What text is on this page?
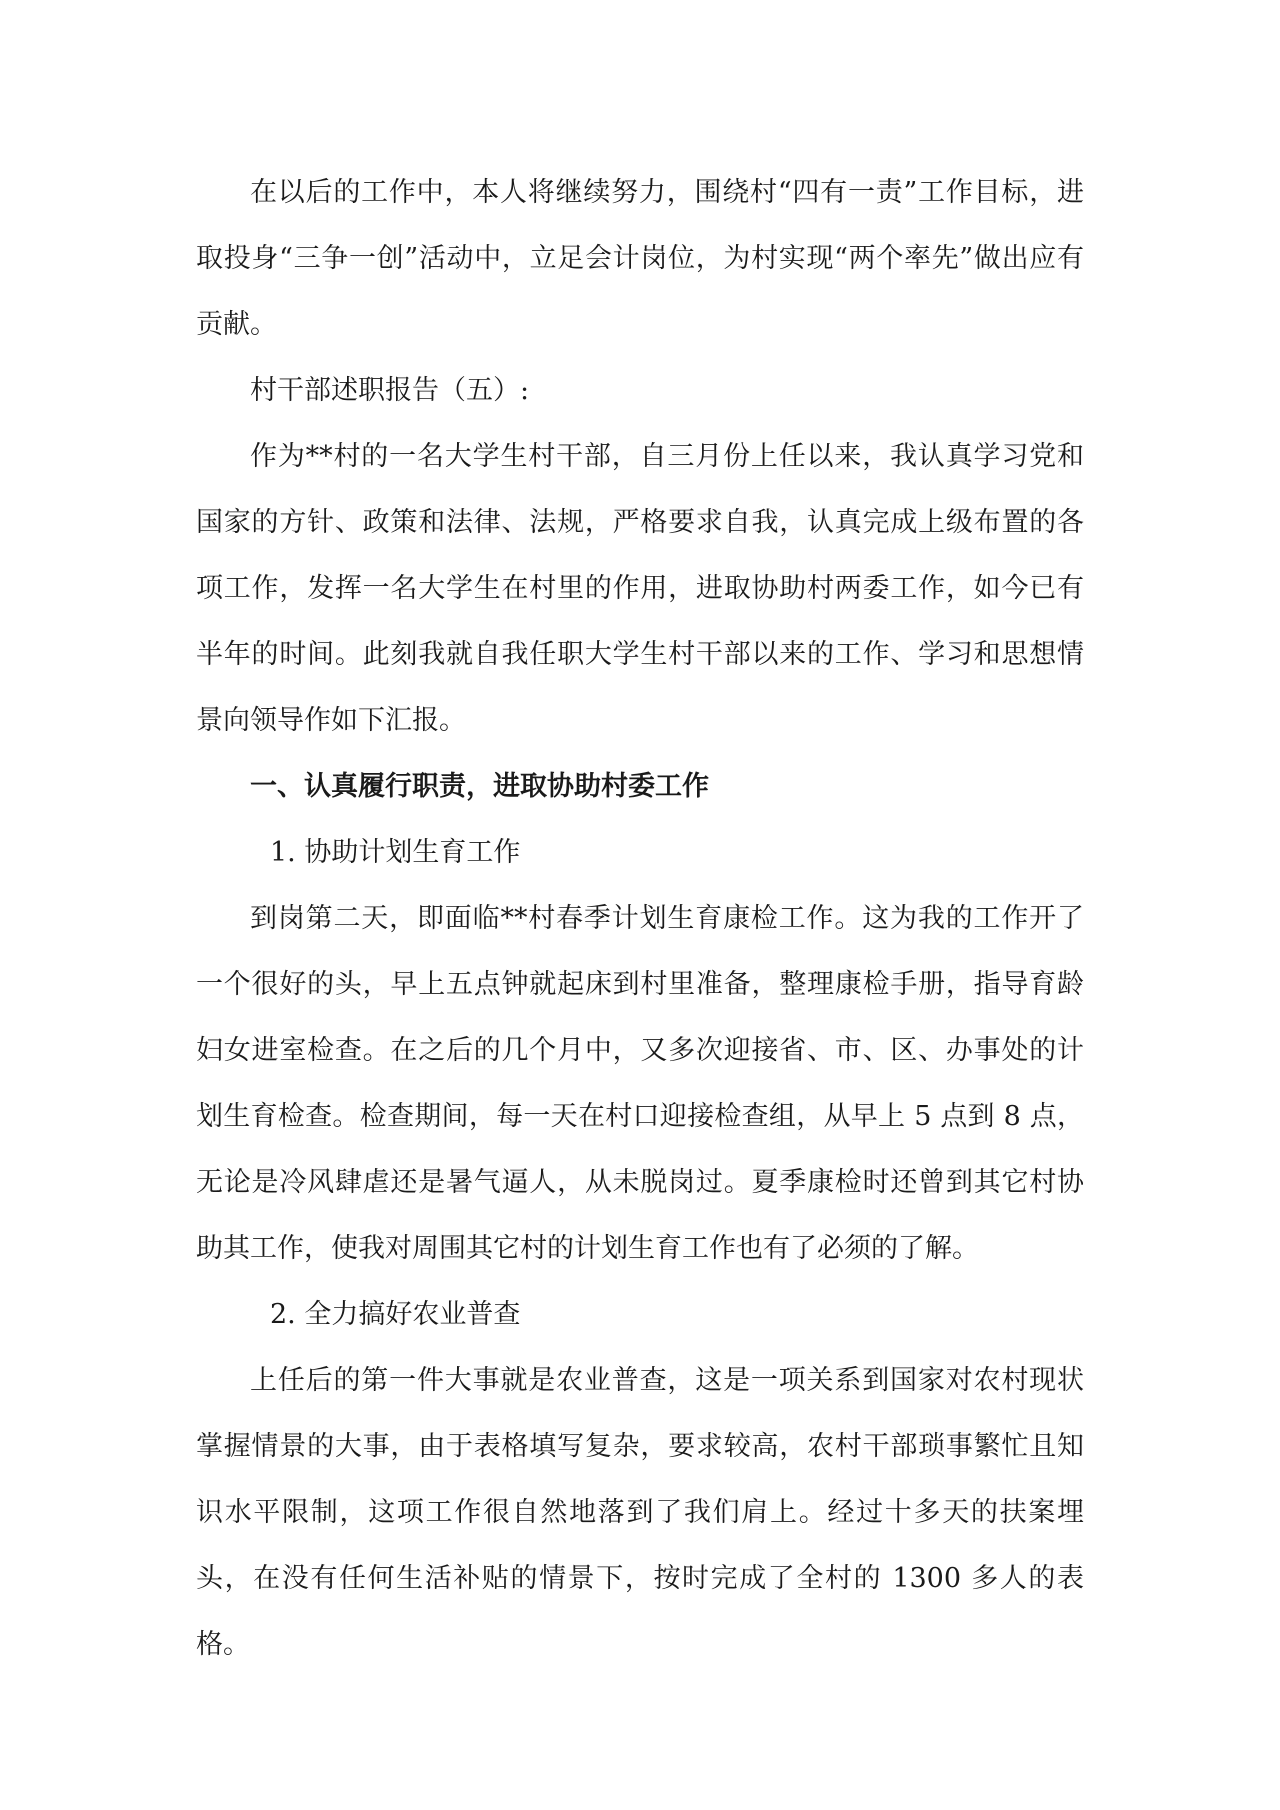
在以后的工作中，本人将继续努力，围绕村“四有一责”工作目标，进取投身“三争一创”活动中，立足会计岗位，为村实现“两个率先”做出应有贡献。

村干部述职报告（五）:

作为**村的一名大学生村干部，自三月份上任以来，我认真学习党和国家的方针、政策和法律、法规，严格要求自我，认真完成上级布置的各项工作，发挥一名大学生在村里的作用，进取协助村两委工作，如今已有半年的时间。此刻我就自我任职大学生村干部以来的工作、学习和思想情景向领导作如下汇报。

一、认真履行职责，进取协助村委工作

1. 协助计划生育工作

到岗第二天，即面临**村春季计划生育康检工作。这为我的工作开了一个很好的头，早上五点钟就起床到村里准备，整理康检手册，指导育龄妇女进室检查。在之后的几个月中，又多次迎接省、市、区、办事处的计划生育检查。检查期间，每一天在村口迎接检查组，从早上 5 点到 8 点，无论是冷风肆虐还是暑气逼人，从未脱岗过。夏季康检时还曾到其它村协助其工作，使我对周围其它村的计划生育工作也有了必须的了解。

2. 全力搞好农业普查

上任后的第一件大事就是农业普查，这是一项关系到国家对农村现状掌握情景的大事，由于表格填写复杂，要求较高，农村干部琐事繁忙且知识水平限制，这项工作很自然地落到了我们肩上。经过十多天的扶案埋头，在没有任何生活补贴的情景下，按时完成了全村的 1300 多人的表格。
